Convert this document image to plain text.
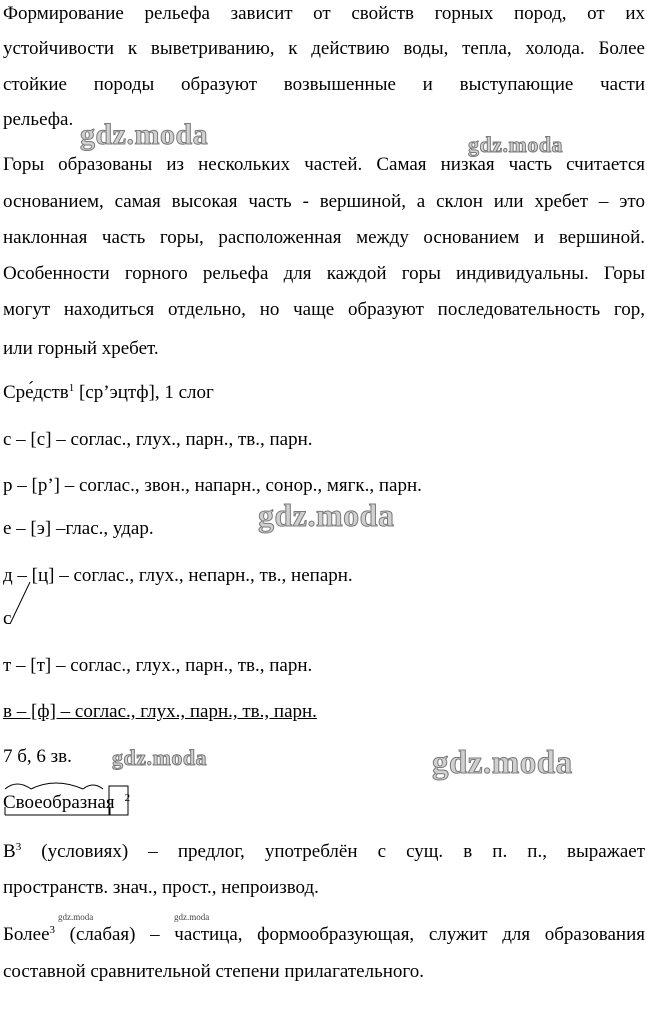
Формирование рельефа зависит от свойств горных пород, от их
устойчивости к выветриванию, к действию воды, тепла, холода. Более
стойкие породы образуют возвышенные и выступающие части
рельефа.
Горы образованы из нескольких частей. Самая низкая часть считается
основанием, самая высокая часть - вершиной, а склон или хребет – это
наклонная часть горы, расположенная между основанием и вершиной.
Особенности горного рельефа для каждой горы индивидуальны. Горы
могут находиться отдельно, но чаще образуют последовательность гор,
или горный хребет.
Сре́дств$^1$ [ср’эцтф], 1 слог
с – [с] – соглас., глух., парн., тв., парн.
р – [р’] – соглас., звон., напарн., сонор., мягк., парн.
е – [э] –глас., удар.
д – [ц] – соглас., глух., непарн., тв., непарн.
с
т – [т] – соглас., глух., парн., тв., парн.
в – [ф] – соглас., глух., парн., тв., парн.
7 б, 6 зв.
Своеобразная $^2$
$В^3$ (условиях) – предлог, употреблён с сущ. в п. п., выражает
пространств. знач., прост., непроизвод.
Более$^3$ (слабая) – частица, формообразующая, служит для образования
составной сравнительной степени прилагательного.
gdz.moda	gdz.moda
gdz.moda
gdz.moda	gdz.moda
gdz.moda	gdz.moda
